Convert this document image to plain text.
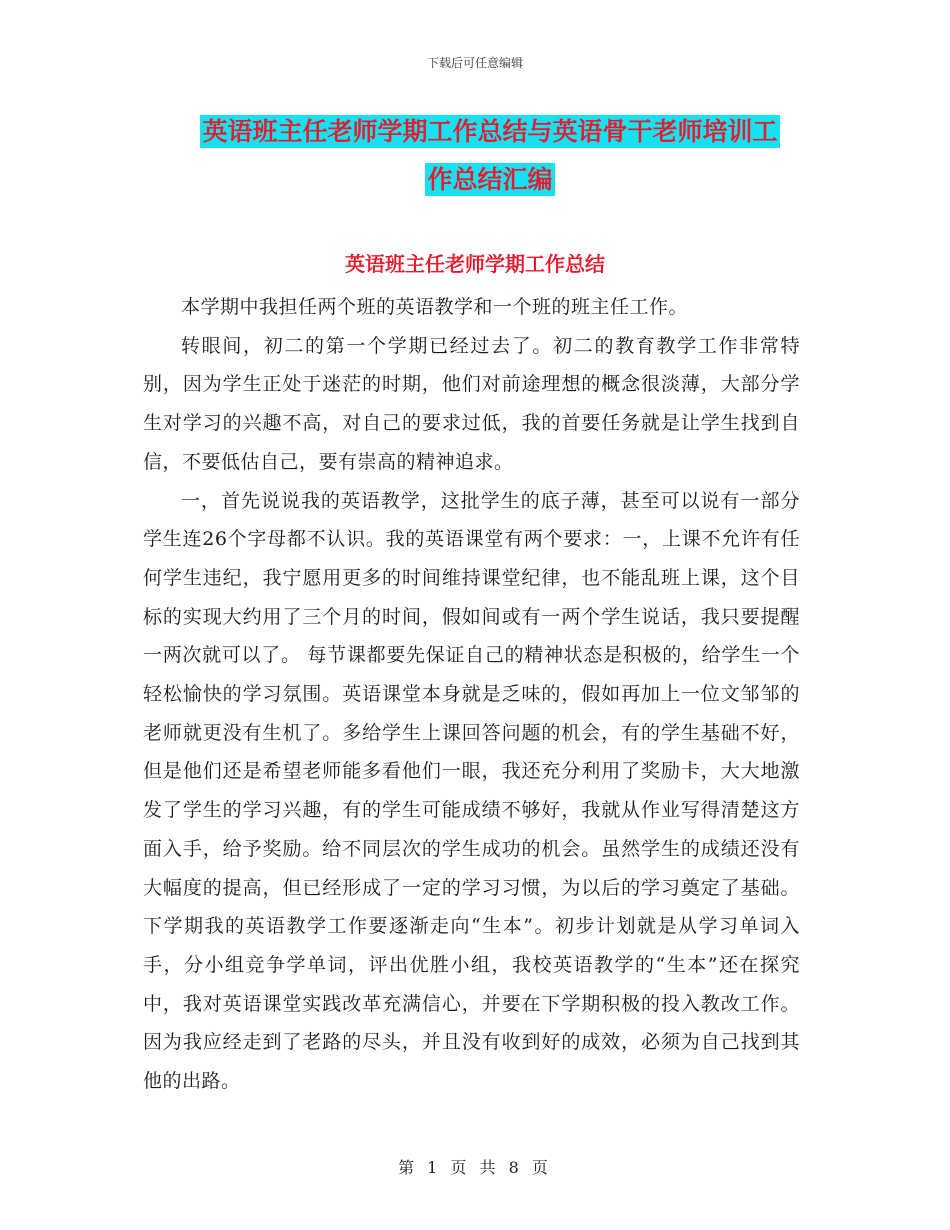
下载后可任意编辑
英语班主任老师学期工作总结与英语骨干老师培训工
作总结汇编
英语班主任老师学期工作总结

本学期中我担任两个班的英语教学和一个班的班主任工作。

转眼间，初二的第一个学期已经过去了。初二的教育教学工作非常特别，因为学生正处于迷茫的时期，他们对前途理想的概念很淡薄，大部分学生对学习的兴趣不高，对自己的要求过低，我的首要任务就是让学生找到自信，不要低估自己，要有崇高的精神追求。

一，首先说说我的英语教学，这批学生的底子薄，甚至可以说有一部分学生连26个字母都不认识。我的英语课堂有两个要求：一，上课不允许有任何学生违纪，我宁愿用更多的时间维持课堂纪律，也不能乱班上课，这个目标的实现大约用了三个月的时间，假如间或有一两个学生说话，我只要提醒一两次就可以了。 每节课都要先保证自己的精神状态是积极的，给学生一个轻松愉快的学习氛围。英语课堂本身就是乏味的，假如再加上一位文邹邹的老师就更没有生机了。多给学生上课回答问题的机会，有的学生基础不好，但是他们还是希望老师能多看他们一眼，我还充分利用了奖励卡，大大地激发了学生的学习兴趣，有的学生可能成绩不够好，我就从作业写得清楚这方面入手，给予奖励。给不同层次的学生成功的机会。虽然学生的成绩还没有大幅度的提高，但已经形成了一定的学习习惯，为以后的学习奠定了基础。下学期我的英语教学工作要逐渐走向“生本”。初步计划就是从学习单词入手，分小组竞争学单词，评出优胜小组，我校英语教学的“生本”还在探究中，我对英语课堂实践改革充满信心，并要在下学期积极的投入教改工作。因为我应经走到了老路的尽头，并且没有收到好的成效，必须为自己找到其他的出路。

第 1 页 共 8 页
